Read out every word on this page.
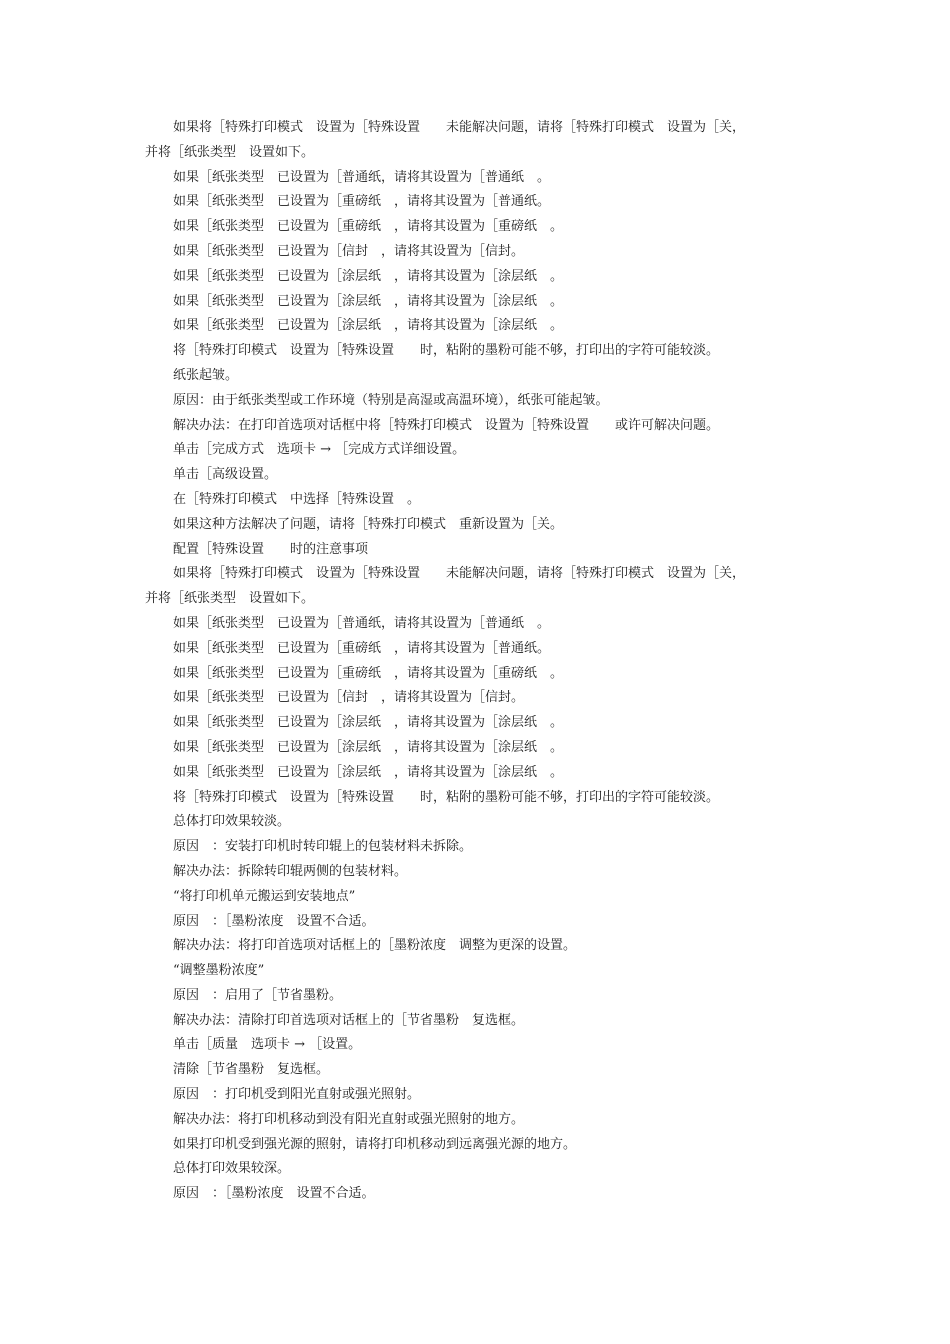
如果将［特殊打印模式　设置为［特殊设置　　未能解决问题，请将［特殊打印模式　设置为［关，
并将［纸张类型　设置如下。
如果［纸张类型　已设置为［普通纸，请将其设置为［普通纸　。
如果［纸张类型　已设置为［重磅纸　，请将其设置为［普通纸。
如果［纸张类型　已设置为［重磅纸　，请将其设置为［重磅纸　。
如果［纸张类型　已设置为［信封　，请将其设置为［信封。
如果［纸张类型　已设置为［涂层纸　，请将其设置为［涂层纸　。
如果［纸张类型　已设置为［涂层纸　，请将其设置为［涂层纸　。
如果［纸张类型　已设置为［涂层纸　，请将其设置为［涂层纸　。
将［特殊打印模式　设置为［特殊设置　　时，粘附的墨粉可能不够，打印出的字符可能较淡。
纸张起皱。
原因：由于纸张类型或工作环境（特别是高湿或高温环境），纸张可能起皱。
解决办法：在打印首选项对话框中将［特殊打印模式　设置为［特殊设置　　或许可解决问题。
单击［完成方式　选项卡 → ［完成方式详细设置。
单击［高级设置。
在［特殊打印模式　中选择［特殊设置　。
如果这种方法解决了问题，请将［特殊打印模式　重新设置为［关。
配置［特殊设置　　时的注意事项
如果将［特殊打印模式　设置为［特殊设置　　未能解决问题，请将［特殊打印模式　设置为［关，
并将［纸张类型　设置如下。
如果［纸张类型　已设置为［普通纸，请将其设置为［普通纸　。
如果［纸张类型　已设置为［重磅纸　，请将其设置为［普通纸。
如果［纸张类型　已设置为［重磅纸　，请将其设置为［重磅纸　。
如果［纸张类型　已设置为［信封　，请将其设置为［信封。
如果［纸张类型　已设置为［涂层纸　，请将其设置为［涂层纸　。
如果［纸张类型　已设置为［涂层纸　，请将其设置为［涂层纸　。
如果［纸张类型　已设置为［涂层纸　，请将其设置为［涂层纸　。
将［特殊打印模式　设置为［特殊设置　　时，粘附的墨粉可能不够，打印出的字符可能较淡。
总体打印效果较淡。
原因　：安装打印机时转印辊上的包装材料未拆除。
解决办法：拆除转印辊两侧的包装材料。
“将打印机单元搬运到安装地点”
原因　：［墨粉浓度　设置不合适。
解决办法：将打印首选项对话框上的［墨粉浓度　调整为更深的设置。
“调整墨粉浓度”
原因　：启用了［节省墨粉。
解决办法：清除打印首选项对话框上的［节省墨粉　复选框。
单击［质量　选项卡 → ［设置。
清除［节省墨粉　复选框。
原因　：打印机受到阳光直射或强光照射。
解决办法：将打印机移动到没有阳光直射或强光照射的地方。
如果打印机受到强光源的照射，请将打印机移动到远离强光源的地方。
总体打印效果较深。
原因　：［墨粉浓度　设置不合适。
